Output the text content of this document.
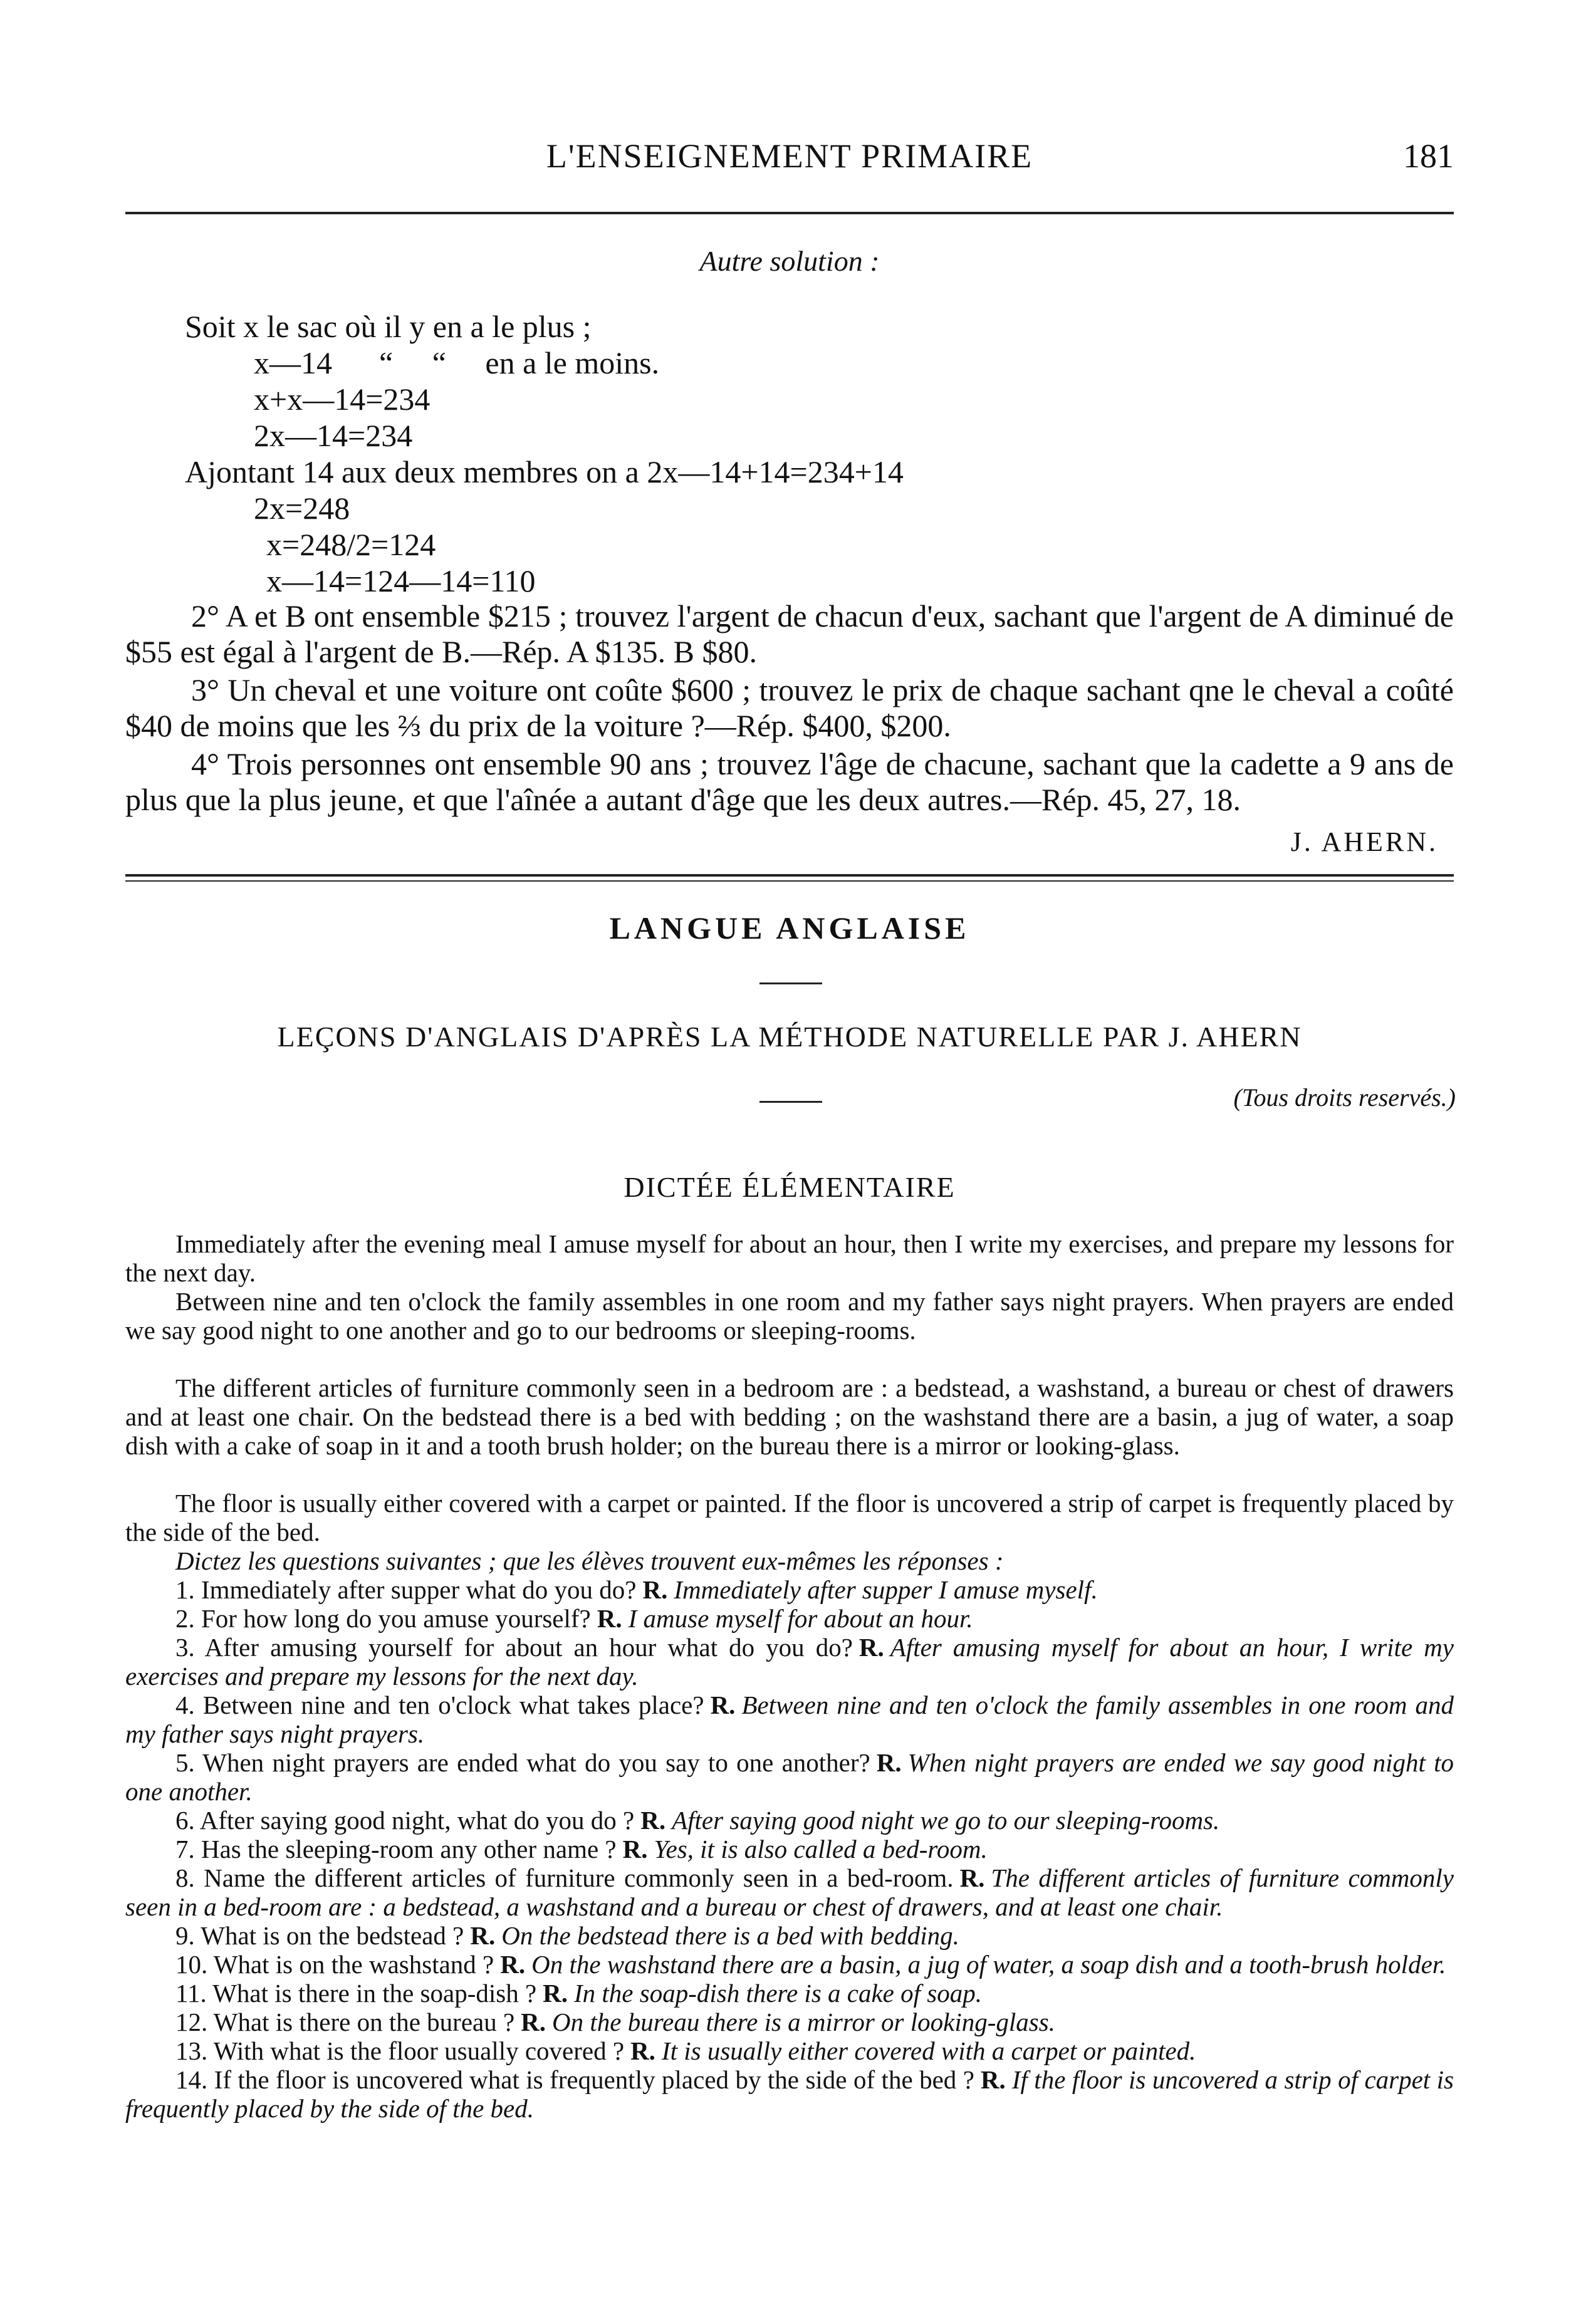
L'ENSEIGNEMENT PRIMAIRE	181
Autre solution :
Soit x le sac où il y en a le plus ;
x—14      “     “     en a le moins.
x+x—14=234
2x—14=234
Ajontant 14 aux deux membres on a 2x—14+14=234+14
2x=248
x=248/2=124
x—14=124—14=110
2° A et B ont ensemble $215 ; trouvez l'argent de chacun d'eux, sachant que l'argent de A diminué de $55 est égal à l'argent de B.—Rép. A $135. B $80.
3° Un cheval et une voiture ont coûte $600 ; trouvez le prix de chaque sachant qne le cheval a coûté $40 de moins que les ⅔ du prix de la voiture ?—Rép. $400, $200.
4° Trois personnes ont ensemble 90 ans ; trouvez l'âge de chacune, sachant que la cadette a 9 ans de plus que la plus jeune, et que l'aînée a autant d'âge que les deux autres.—Rép. 45, 27, 18.
J. AHERN.
LANGUE ANGLAISE
LEÇONS D'ANGLAIS D'APRÈS LA MÉTHODE NATURELLE PAR J. AHERN
(Tous droits reservés.)
DICTÉE ÉLÉMENTAIRE
Immediately after the evening meal I amuse myself for about an hour, then I write my exercises, and prepare my lessons for the next day.
Between nine and ten o'clock the family assembles in one room and my father says night prayers. When prayers are ended we say good night to one another and go to our bedrooms or sleeping-rooms.
The different articles of furniture commonly seen in a bedroom are : a bedstead, a washstand, a bureau or chest of drawers and at least one chair. On the bedstead there is a bed with bedding ; on the washstand there are a basin, a jug of water, a soap dish with a cake of soap in it and a tooth brush holder; on the bureau there is a mirror or looking-glass.
The floor is usually either covered with a carpet or painted. If the floor is uncovered a strip of carpet is frequently placed by the side of the bed.
Dictez les questions suivantes ; que les élèves trouvent eux-mêmes les réponses :
1. Immediately after supper what do you do? R. Immediately after supper I amuse myself.
2. For how long do you amuse yourself? R. I amuse myself for about an hour.
3. After amusing yourself for about an hour what do you do? R. After amusing myself for about an hour, I write my exercises and prepare my lessons for the next day.
4. Between nine and ten o'clock what takes place? R. Between nine and ten o'clock the family assembles in one room and my father says night prayers.
5. When night prayers are ended what do you say to one another? R. When night prayers are ended we say good night to one another.
6. After saying good night, what do you do ? R. After saying good night we go to our sleeping-rooms.
7. Has the sleeping-room any other name ? R. Yes, it is also called a bed-room.
8. Name the different articles of furniture commonly seen in a bed-room. R. The different articles of furniture commonly seen in a bed-room are : a bedstead, a washstand and a bureau or chest of drawers, and at least one chair.
9. What is on the bedstead ? R. On the bedstead there is a bed with bedding.
10. What is on the washstand ? R. On the washstand there are a basin, a jug of water, a soap dish and a tooth-brush holder.
11. What is there in the soap-dish ? R. In the soap-dish there is a cake of soap.
12. What is there on the bureau ? R. On the bureau there is a mirror or looking-glass.
13. With what is the floor usually covered ? R. It is usually either covered with a carpet or painted.
14. If the floor is uncovered what is frequently placed by the side of the bed ? R. If the floor is uncovered a strip of carpet is frequently placed by the side of the bed.
